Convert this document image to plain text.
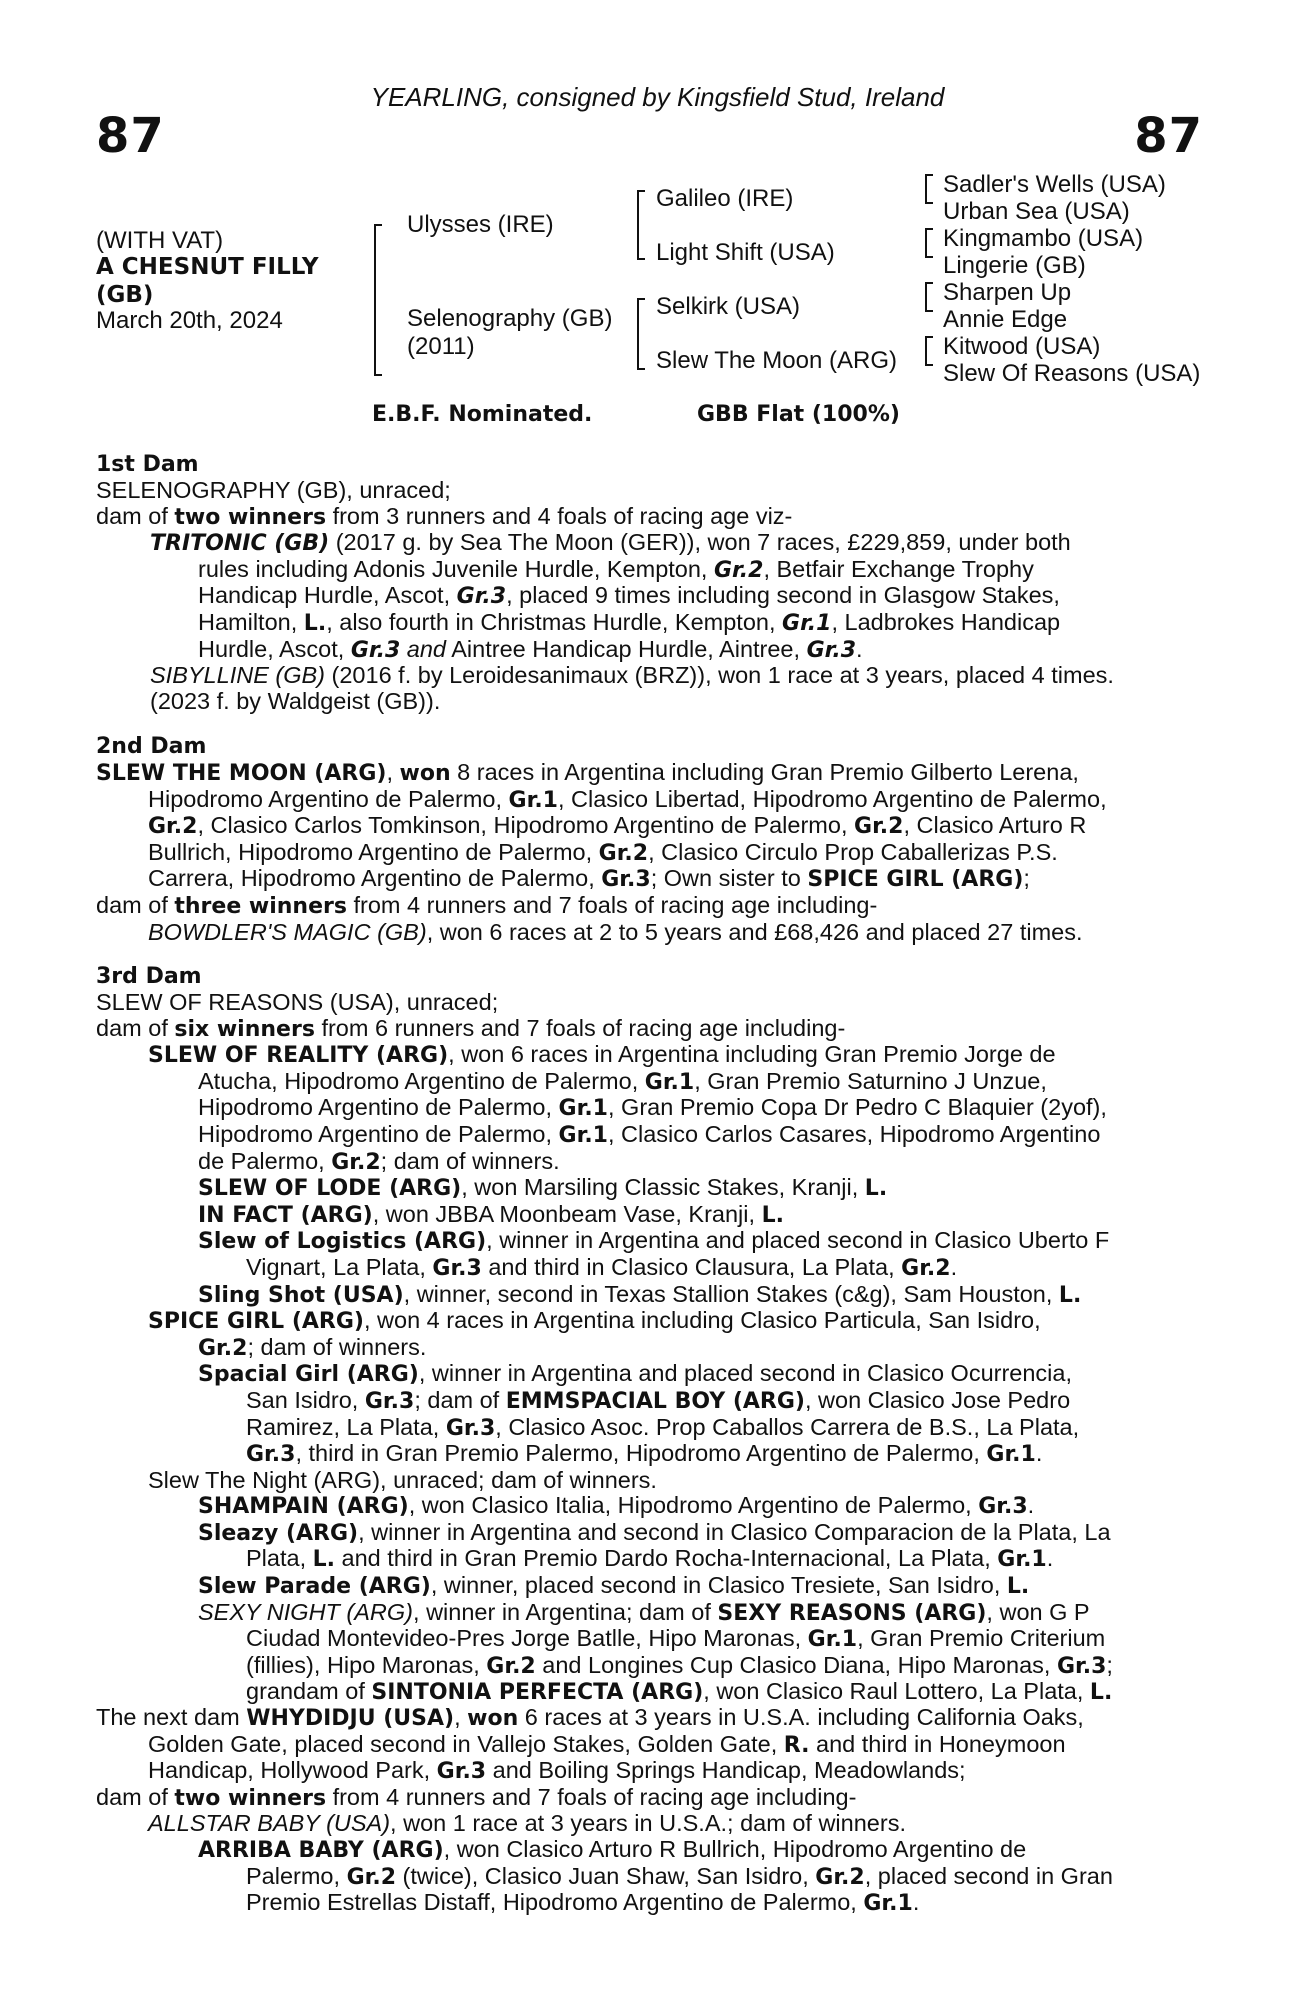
87
YEARLING, consigned by Kingsfield Stud, Ireland
87
(WITH VAT)
A CHESNUT FILLY
(GB)
March 20th, 2024
Ulysses (IRE)
Selenography (GB)
(2011)
Galileo (IRE)
Light Shift (USA)
Selkirk (USA)
Slew The Moon (ARG)
Sadler's Wells (USA)
Urban Sea (USA)
Kingmambo (USA)
Lingerie (GB)
Sharpen Up
Annie Edge
Kitwood (USA)
Slew Of Reasons (USA)
E.B.F. Nominated.	GBB Flat (100%)
1st Dam
SELENOGRAPHY (GB), unraced;
dam of two winners from 3 runners and 4 foals of racing age viz-
TRITONIC (GB) (2017 g. by Sea The Moon (GER)), won 7 races, £229,859, under both
rules including Adonis Juvenile Hurdle, Kempton, Gr.2, Betfair Exchange Trophy
Handicap Hurdle, Ascot, Gr.3, placed 9 times including second in Glasgow Stakes,
Hamilton, L., also fourth in Christmas Hurdle, Kempton, Gr.1, Ladbrokes Handicap
Hurdle, Ascot, Gr.3 and Aintree Handicap Hurdle, Aintree, Gr.3.
SIBYLLINE (GB) (2016 f. by Leroidesanimaux (BRZ)), won 1 race at 3 years, placed 4 times.
(2023 f. by Waldgeist (GB)).
2nd Dam
SLEW THE MOON (ARG), won 8 races in Argentina including Gran Premio Gilberto Lerena,
Hipodromo Argentino de Palermo, Gr.1, Clasico Libertad, Hipodromo Argentino de Palermo,
Gr.2, Clasico Carlos Tomkinson, Hipodromo Argentino de Palermo, Gr.2, Clasico Arturo R
Bullrich, Hipodromo Argentino de Palermo, Gr.2, Clasico Circulo Prop Caballerizas P.S.
Carrera, Hipodromo Argentino de Palermo, Gr.3; Own sister to SPICE GIRL (ARG);
dam of three winners from 4 runners and 7 foals of racing age including-
BOWDLER'S MAGIC (GB), won 6 races at 2 to 5 years and £68,426 and placed 27 times.
3rd Dam
SLEW OF REASONS (USA), unraced;
dam of six winners from 6 runners and 7 foals of racing age including-
SLEW OF REALITY (ARG), won 6 races in Argentina including Gran Premio Jorge de
Atucha, Hipodromo Argentino de Palermo, Gr.1, Gran Premio Saturnino J Unzue,
Hipodromo Argentino de Palermo, Gr.1, Gran Premio Copa Dr Pedro C Blaquier (2yof),
Hipodromo Argentino de Palermo, Gr.1, Clasico Carlos Casares, Hipodromo Argentino
de Palermo, Gr.2; dam of winners.
SLEW OF LODE (ARG), won Marsiling Classic Stakes, Kranji, L.
IN FACT (ARG), won JBBA Moonbeam Vase, Kranji, L.
Slew of Logistics (ARG), winner in Argentina and placed second in Clasico Uberto F
Vignart, La Plata, Gr.3 and third in Clasico Clausura, La Plata, Gr.2.
Sling Shot (USA), winner, second in Texas Stallion Stakes (c&g), Sam Houston, L.
SPICE GIRL (ARG), won 4 races in Argentina including Clasico Particula, San Isidro,
Gr.2; dam of winners.
Spacial Girl (ARG), winner in Argentina and placed second in Clasico Ocurrencia,
San Isidro, Gr.3; dam of EMMSPACIAL BOY (ARG), won Clasico Jose Pedro
Ramirez, La Plata, Gr.3, Clasico Asoc. Prop Caballos Carrera de B.S., La Plata,
Gr.3, third in Gran Premio Palermo, Hipodromo Argentino de Palermo, Gr.1.
Slew The Night (ARG), unraced; dam of winners.
SHAMPAIN (ARG), won Clasico Italia, Hipodromo Argentino de Palermo, Gr.3.
Sleazy (ARG), winner in Argentina and second in Clasico Comparacion de la Plata, La
Plata, L. and third in Gran Premio Dardo Rocha-Internacional, La Plata, Gr.1.
Slew Parade (ARG), winner, placed second in Clasico Tresiete, San Isidro, L.
SEXY NIGHT (ARG), winner in Argentina; dam of SEXY REASONS (ARG), won G P
Ciudad Montevideo-Pres Jorge Batlle, Hipo Maronas, Gr.1, Gran Premio Criterium
(fillies), Hipo Maronas, Gr.2 and Longines Cup Clasico Diana, Hipo Maronas, Gr.3;
grandam of SINTONIA PERFECTA (ARG), won Clasico Raul Lottero, La Plata, L.
The next dam WHYDIDJU (USA), won 6 races at 3 years in U.S.A. including California Oaks,
Golden Gate, placed second in Vallejo Stakes, Golden Gate, R. and third in Honeymoon
Handicap, Hollywood Park, Gr.3 and Boiling Springs Handicap, Meadowlands;
dam of two winners from 4 runners and 7 foals of racing age including-
ALLSTAR BABY (USA), won 1 race at 3 years in U.S.A.; dam of winners.
ARRIBA BABY (ARG), won Clasico Arturo R Bullrich, Hipodromo Argentino de
Palermo, Gr.2 (twice), Clasico Juan Shaw, San Isidro, Gr.2, placed second in Gran
Premio Estrellas Distaff, Hipodromo Argentino de Palermo, Gr.1.
